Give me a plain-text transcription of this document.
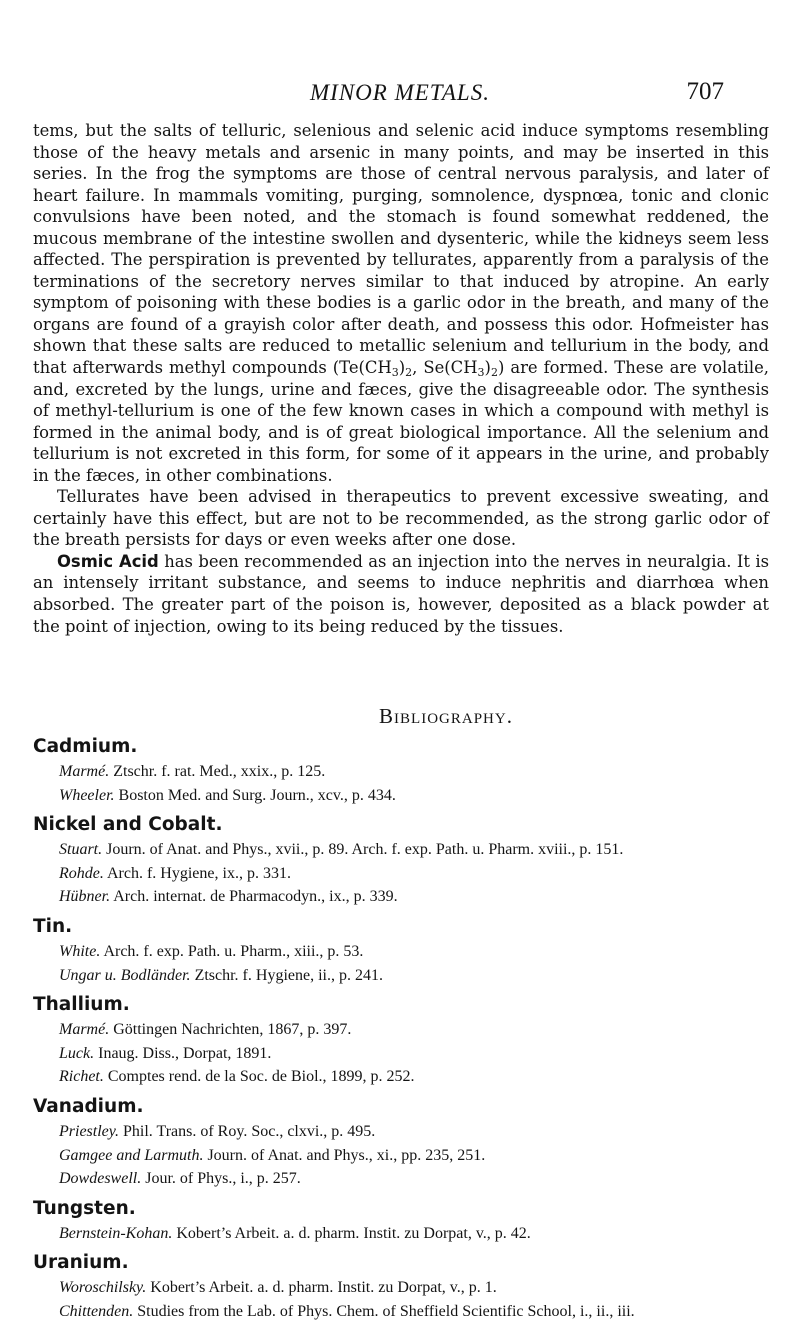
MINOR METALS.	707

tems, but the salts of telluric, selenious and selenic acid induce symptoms resembling those of the heavy metals and arsenic in many points, and may be inserted in this series. In the frog the symptoms are those of central nervous paralysis, and later of heart failure. In mammals vomiting, purging, somnolence, dyspnœa, tonic and clonic convulsions have been noted, and the stomach is found somewhat reddened, the mucous membrane of the intestine swollen and dysenteric, while the kidneys seem less affected. The perspiration is prevented by tellurates, apparently from a paralysis of the terminations of the secretory nerves similar to that induced by atropine. An early symptom of poisoning with these bodies is a garlic odor in the breath, and many of the organs are found of a grayish color after death, and possess this odor. Hofmeister has shown that these salts are reduced to metallic selenium and tellurium in the body, and that afterwards methyl compounds ($Te(CH_3)_2$, $Se(CH_3)_2$) are formed. These are volatile, and, excreted by the lungs, urine and fæces, give the disagreeable odor. The synthesis of methyl-tellurium is one of the few known cases in which a compound with methyl is formed in the animal body, and is of great biological importance. All the selenium and tellurium is not excreted in this form, for some of it appears in the urine, and probably in the fæces, in other combinations.

Tellurates have been advised in therapeutics to prevent excessive sweating, and certainly have this effect, but are not to be recommended, as the strong garlic odor of the breath persists for days or even weeks after one dose.

Osmic Acid has been recommended as an injection into the nerves in neuralgia. It is an intensely irritant substance, and seems to induce nephritis and diarrhœa when absorbed. The greater part of the poison is, however, deposited as a black powder at the point of injection, owing to its being reduced by the tissues.

Bibliography.

Cadmium.

Marmé. Ztschr. f. rat. Med., xxix., p. 125.

Wheeler. Boston Med. and Surg. Journ., xcv., p. 434.

Nickel and Cobalt.

Stuart. Journ. of Anat. and Phys., xvii., p. 89. Arch. f. exp. Path. u. Pharm. xviii., p. 151.

Rohde. Arch. f. Hygiene, ix., p. 331.

Hübner. Arch. internat. de Pharmacodyn., ix., p. 339.

Tin.

White. Arch. f. exp. Path. u. Pharm., xiii., p. 53.

Ungar u. Bodländer. Ztschr. f. Hygiene, ii., p. 241.

Thallium.

Marmé. Göttingen Nachrichten, 1867, p. 397.

Luck. Inaug. Diss., Dorpat, 1891.

Richet. Comptes rend. de la Soc. de Biol., 1899, p. 252.

Vanadium.

Priestley. Phil. Trans. of Roy. Soc., clxvi., p. 495.

Gamgee and Larmuth. Journ. of Anat. and Phys., xi., pp. 235, 251.

Dowdeswell. Jour. of Phys., i., p. 257.

Tungsten.

Bernstein-Kohan. Kobert’s Arbeit. a. d. pharm. Instit. zu Dorpat, v., p. 42.

Uranium.

Woroschilsky. Kobert’s Arbeit. a. d. pharm. Instit. zu Dorpat, v., p. 1.

Chittenden. Studies from the Lab. of Phys. Chem. of Sheffield Scientific School, i., ii., iii.
